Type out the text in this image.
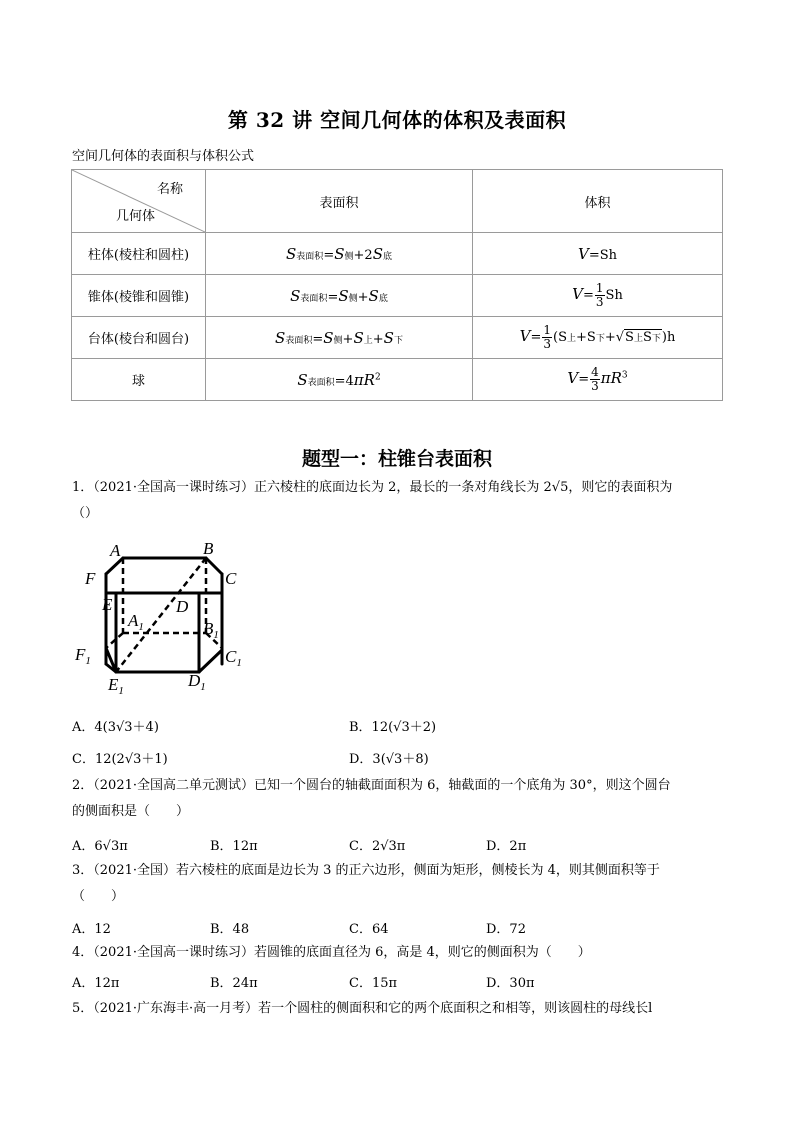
第 32 讲 空间几何体的体积及表面积
空间几何体的表面积与体积公式
名称
几何体	表面积	体积
柱体(棱柱和圆柱)	S表面积=S侧+2S底	V=Sh
锥体(棱锥和圆锥)	S表面积=S侧+S底	$V= \frac{1}{3}$ Sh
台体(棱台和圆台)	S表面积=S侧+S上+S下	$V= \frac{1}{3} (S$上+S下+√S上S下)h
球	S表面积$=4\pi R^2$	$V= \frac{4}{3} \pi R^3$
题型一：柱锥台表面积
1．（2021·全国高一课时练习）正六棱柱的底面边长为 2，最长的一条对角线长为 2√5，则它的表面积为
（）
A	B
C
D
E
F
$A_1$	$B_1$
$C_1$
$D_1$
$E_1$
$F_1$
A．4(3√3＋4)	B．12(√3＋2)
C．12(2√3＋1)	D．3(√3＋8)
2．（2021·全国高二单元测试）已知一个圆台的轴截面面积为 6，轴截面的一个底角为 30°，则这个圆台
的侧面积是（　　）
A．6√3π	B．12π	C．2√3π	D．2π
3．（2021·全国）若六棱柱的底面是边长为 3 的正六边形，侧面为矩形，侧棱长为 4，则其侧面积等于
（　　）
A．12	B．48	C．64	D．72
4．（2021·全国高一课时练习）若圆锥的底面直径为 6，高是 4，则它的侧面积为（　　）
A．12π	B．24π	C．15π	D．30π
5．（2021·广东海丰·高一月考）若一个圆柱的侧面积和它的两个底面积之和相等，则该圆柱的母线长l
